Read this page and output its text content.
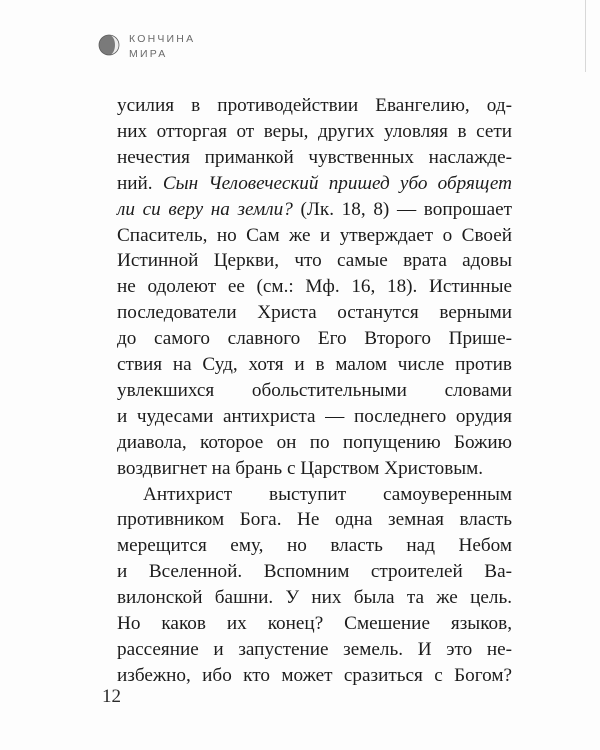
КОНЧИНА
МИРА
усилия в противодействии Евангелию, од-
них отторгая от веры, других уловляя в сети
нечестия приманкой чувственных наслажде-
ний. Сын Человеческий пришед убо обрящет
ли си веру на земли? (Лк. 18, 8) — вопрошает
Спаситель, но Сам же и утверждает о Своей
Истинной Церкви, что самые врата адовы
не одолеют ее (см.: Мф. 16, 18). Истинные
последователи Христа останутся верными
до самого славного Его Второго Прише-
ствия на Суд, хотя и в малом числе против
увлекшихся обольстительными словами
и чудесами антихриста — последнего орудия
диавола, которое он по попущению Божию
воздвигнет на брань с Царством Христовым.
Антихрист выступит самоуверенным
противником Бога. Не одна земная власть
мерещится ему, но власть над Небом
и Вселенной. Вспомним строителей Ва-
вилонской башни. У них была та же цель.
Но каков их конец? Смешение языков,
рассеяние и запустение земель. И это не-
избежно, ибо кто может сразиться с Богом?
12
